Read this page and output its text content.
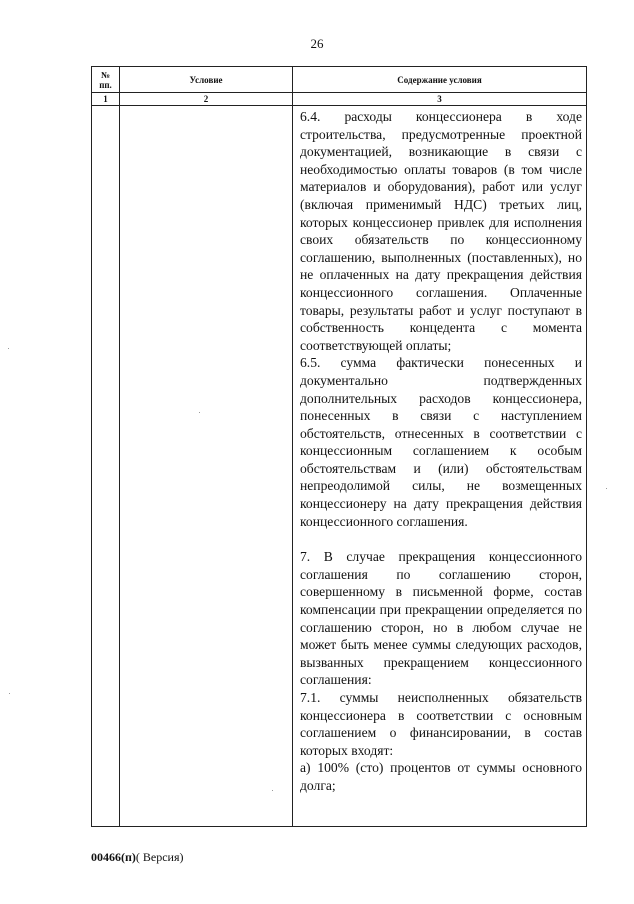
26
№
пп.	Условие	Содержание условия
1	2	3

		6.4. расходы концессионера в ходе строительства, предусмотренные проектной документацией, возникающие в связи с необходимостью оплаты товаров (в том числе материалов и оборудования), работ или услуг (включая применимый НДС) третьих лиц, которых концессионер привлек для исполнения своих обязательств по концессионному соглашению, выполненных (поставленных), но не оплаченных на дату прекращения действия концессионного соглашения. Оплаченные товары, результаты работ и услуг поступают в собственность концедента с момента соответствующей оплаты;

6.5. сумма фактически понесенных и документально подтвержденных дополнительных расходов концессионера, понесенных в связи с наступлением обстоятельств, отнесенных в соответствии с концессионным соглашением к особым обстоятельствам и (или) обстоятельствам непреодолимой силы, не возмещенных концессионеру на дату прекращения действия концессионного соглашения.

7. В случае прекращения концессионного соглашения по соглашению сторон, совершенному в письменной форме, состав компенсации при прекращении определяется по соглашению сторон, но в любом случае не может быть менее суммы следующих расходов, вызванных прекращением концессионного соглашения:

7.1. суммы неисполненных обязательств концессионера в соответствии с основным соглашением о финансировании, в состав которых входят:

а) 100% (сто) процентов от суммы основного долга;

00466(п)( Версия)
